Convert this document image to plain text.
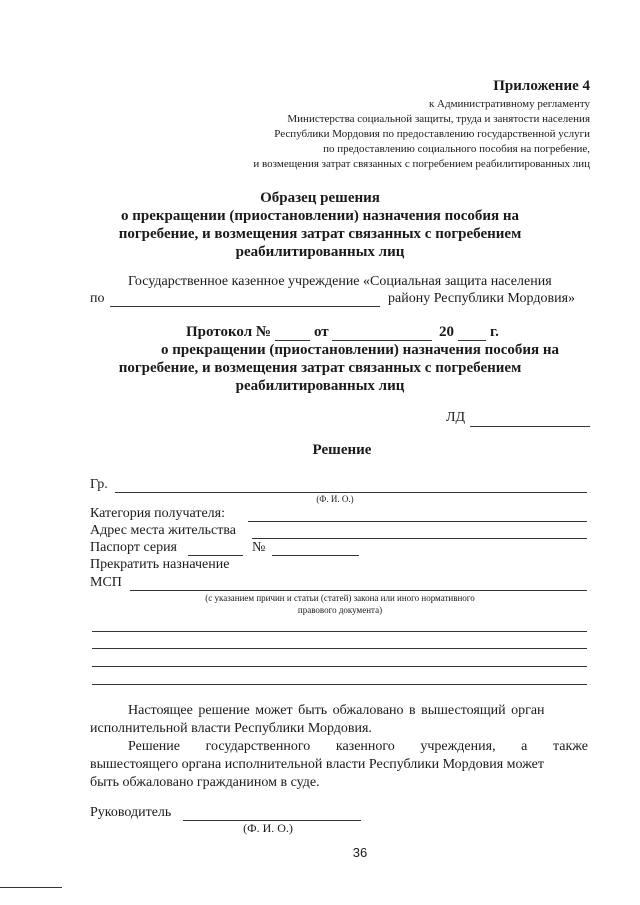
Приложение 4
к Административному регламенту
Министерства социальной защиты, труда и занятости населения
Республики Мордовия по предоставлению государственной услуги
по предоставлению социального пособия на погребение,
и возмещения затрат связанных с погребением реабилитированных лиц
Образец решения
о прекращении (приостановлении) назначения пособия на
погребение, и возмещения затрат связанных с погребением
реабилитированных лиц
Государственное казенное учреждение «Социальная защита населения
по	району Республики Мордовия»
Протокол №	от	20 г.
о прекращении (приостановлении) назначения пособия на
погребение, и возмещения затрат связанных с погребением
реабилитированных лиц
ЛД
Решение
Гр.
(Ф. И. О.)
Категория получателя:
Адрес места жительства
Паспорт серия	№
Прекратить назначение
МСП
(с указанием причин и статьи (статей) закона или иного нормативного
правового документа)
Настоящее решение может быть обжаловано в вышестоящий орган
исполнительной власти Республики Мордовия.
Решение государственного казенного учреждения, а также
вышестоящего органа исполнительной власти Республики Мордовия может
быть обжаловано гражданином в суде.
Руководитель
(Ф. И. О.)
36
